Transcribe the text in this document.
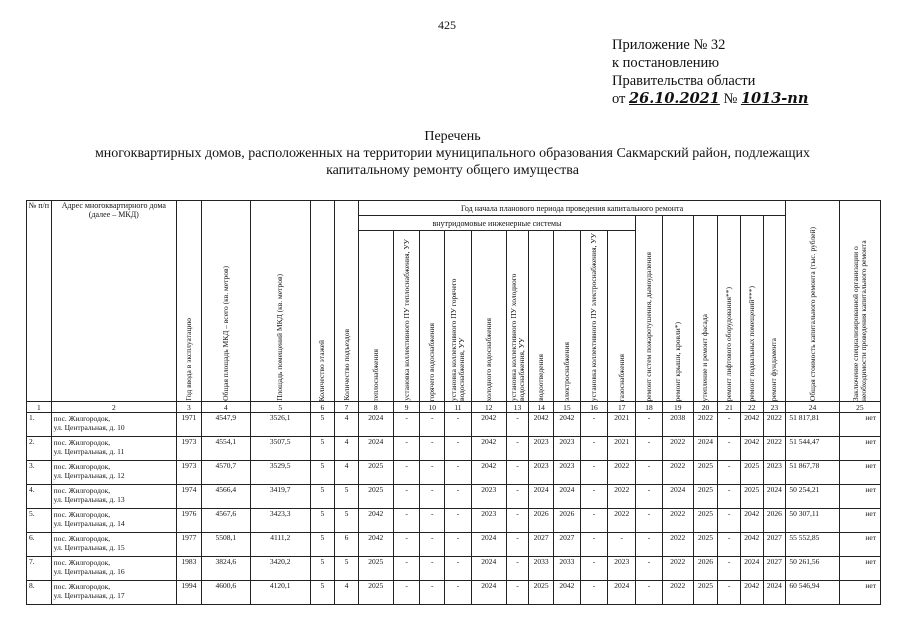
425
Приложение № 32
к постановлению
Правительства области
от 26.10.2021 № 1013-пп
Перечень
многоквартирных домов, расположенных на территории муниципального образования Сакмарский район, подлежащих
капитальному ремонту общего имущества
№ п/п	Адрес многоквартирного дома (далее – МКД)	Год ввода в эксплуатацию	Общая площадь МКД – всего (кв. метров)	Площадь помещений МКД (кв. метров)	Количество этажей	Количество подъездов	Год начала планового периода проведения капитального ремонта																Общая стоимость капитального ремонта (тыс. рублей)	Заключение специализированной организации о необходимости проведения капитального ремонта

							внутридомовые инженерные системы										ремонт систем пожаротушения, дымоудаления	ремонт крыши, кровли*)	утепление и ремонт фасада	ремонт лифтового оборудования**)	ремонт подвальных помещений***)	ремонт фундамента		

							теплоснабжения	установка коллективного ПУ теплоснабжения, УУ	горячего водоснабжения	установка коллективного ПУ горячего водоснабжения, УУ	холодного водоснабжения	установка коллективного ПУ холодного водоснабжения, УУ	водоотведения	электроснабжения	установка коллективного ПУ электроснабжения, УУ	газоснабжения								

1	2	3	4	5	6	7	8	9	10	11	12	13	14	15	16	17	18	19	20	21	22	23	24	25
1.	пос. Жилгородок,
ул. Центральная, д. 10	1971	4547,9	3526,1	5	4	2024	-	-	-	2042	-	2042	2042	-	2021	-	2038	2022	-	2042	2022	51 817,81	нет
2.	пос. Жилгородок,
ул. Центральная, д. 11	1973	4554,1	3507,5	5	4	2024	-	-	-	2042	-	2023	2023	-	2021	-	2022	2024	-	2042	2022	51 544,47	нет
3.	пос. Жилгородок,
ул. Центральная, д. 12	1973	4570,7	3529,5	5	4	2025	-	-	-	2042	-	2023	2023	-	2022	-	2022	2025	-	2025	2023	51 867,78	нет
4.	пос. Жилгородок,
ул. Центральная, д. 13	1974	4566,4	3419,7	5	5	2025	-	-	-	2023	-	2024	2024	-	2022	-	2024	2025	-	2025	2024	50 254,21	нет
5.	пос. Жилгородок,
ул. Центральная, д. 14	1976	4567,6	3423,3	5	5	2042	-	-	-	2023	-	2026	2026	-	2022	-	2022	2025	-	2042	2026	50 307,11	нет
6.	пос. Жилгородок,
ул. Центральная, д. 15	1977	5508,1	4111,2	5	6	2042	-	-	-	2024	-	2027	2027	-	-	-	2022	2025	-	2042	2027	55 552,85	нет
7.	пос. Жилгородок,
ул. Центральная, д. 16	1983	3824,6	3420,2	5	5	2025	-	-	-	2024	-	2033	2033	-	2023	-	2022	2026	-	2024	2027	50 261,56	нет
8.	пос. Жилгородок,
ул. Центральная, д. 17	1994	4600,6	4120,1	5	4	2025	-	-	-	2024	-	2025	2042	-	2024	-	2022	2025	-	2042	2024	60 546,94	нет
